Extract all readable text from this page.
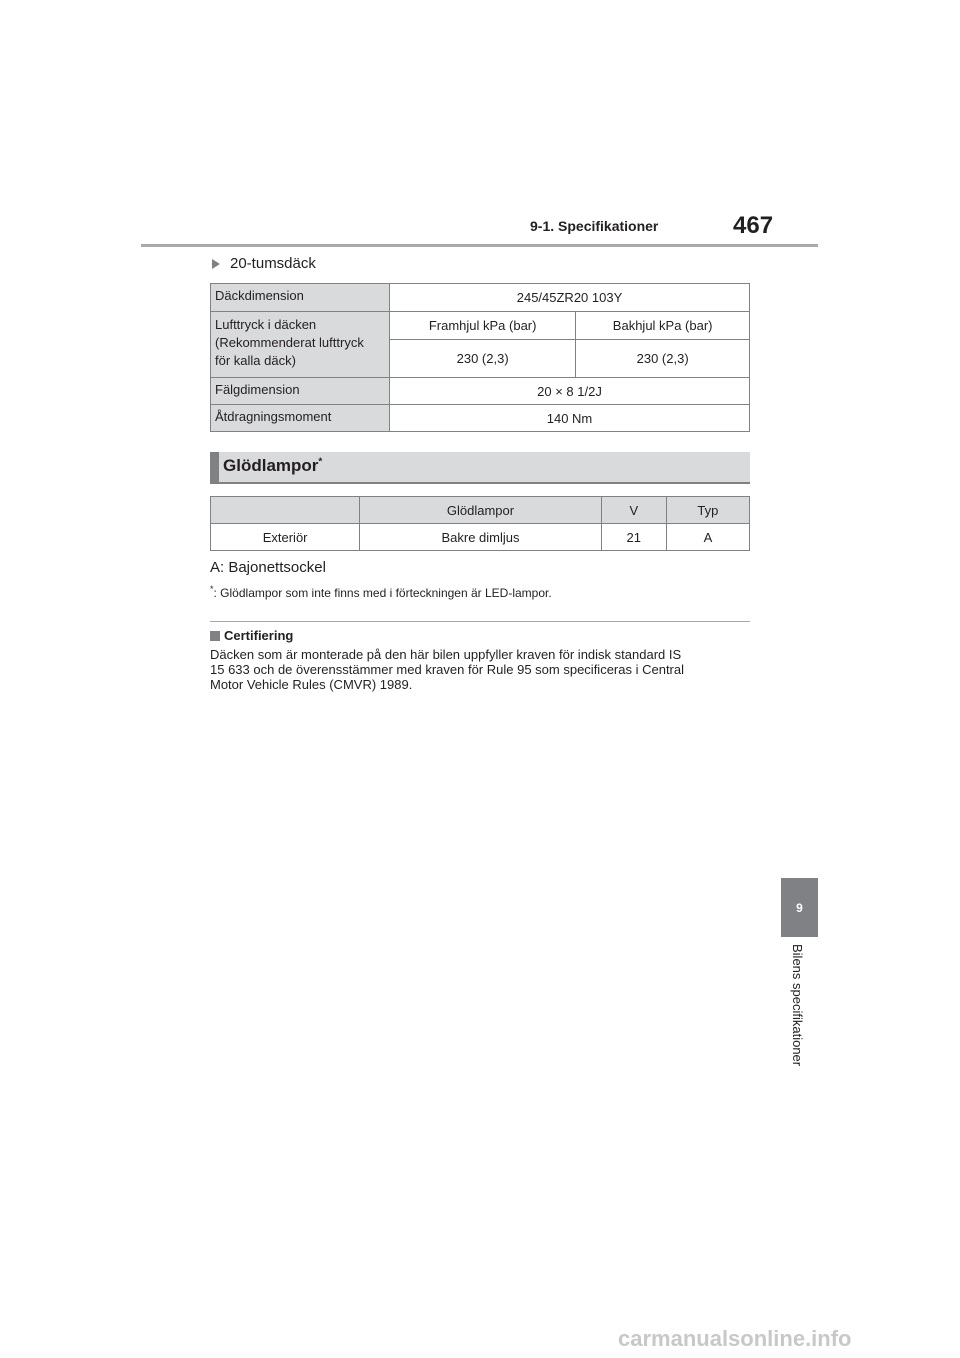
9-1. Specifikationer	467
20-tumsdäck
Däckdimension	245/45ZR20 103Y	

Lufttryck i däcken
(Rekommenderat lufttryck
för kalla däck)	Framhjul kPa (bar)	Bakhjul kPa (bar)
	230 (2,3)	230 (2,3)
Fälgdimension	20 × 8 1/2J	
Åtdragningsmoment	140 Nm	
Glödlampor*
	Glödlampor	V	Typ
Exteriör	Bakre dimljus	21	A
A: Bajonettsockel
*: Glödlampor som inte finns med i förteckningen är LED-lampor.
Certifiering
Däcken som är monterade på den här bilen uppfyller kraven för indisk standard IS
15 633 och de överensstämmer med kraven för Rule 95 som specificeras i Central
Motor Vehicle Rules (CMVR) 1989.
9
Bilens specifikationer
carmanualsonline.info
